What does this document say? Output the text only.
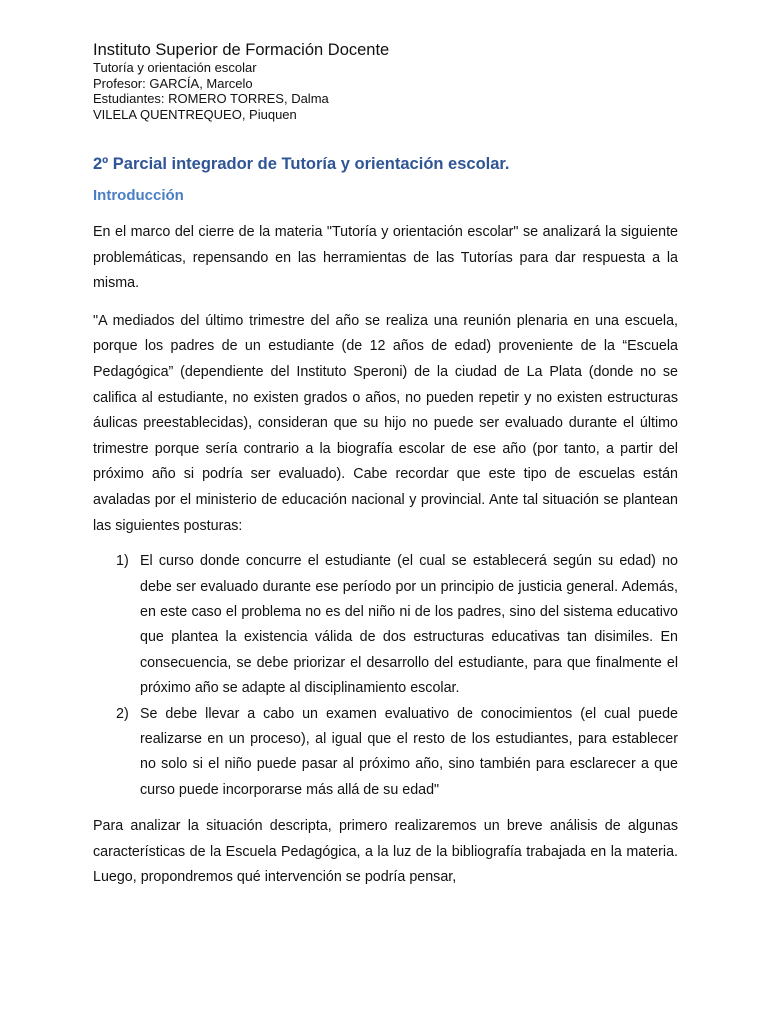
Instituto Superior de Formación Docente

Tutoría y orientación escolar

Profesor: GARCÍA, Marcelo

Estudiantes: ROMERO TORRES, Dalma

VILELA QUENTREQUEO, Piuquen

2º Parcial integrador de Tutoría y orientación escolar.
Introducción

En el marco del cierre de la materia "Tutoría y orientación escolar" se analizará la siguiente problemáticas, repensando en las herramientas de las Tutorías para dar respuesta a la misma.

"A mediados del último trimestre del año se realiza una reunión plenaria en una escuela, porque los padres de un estudiante (de 12 años de edad) proveniente de la “Escuela Pedagógica” (dependiente del Instituto Speroni) de la ciudad de La Plata (donde no se califica al estudiante, no existen grados o años, no pueden repetir y no existen estructuras áulicas preestablecidas), consideran que su hijo no puede ser evaluado durante el último trimestre porque sería contrario a la biografía escolar de ese año (por tanto, a partir del próximo año si podría ser evaluado). Cabe recordar que este tipo de escuelas están avaladas por el ministerio de educación nacional y provincial. Ante tal situación se plantean las siguientes posturas:

1) El curso donde concurre el estudiante (el cual se establecerá según su edad) no debe ser evaluado durante ese período por un principio de justicia general. Además, en este caso el problema no es del niño ni de los padres, sino del sistema educativo que plantea la existencia válida de dos estructuras educativas tan disimiles. En consecuencia, se debe priorizar el desarrollo del estudiante, para que finalmente el próximo año se adapte al disciplinamiento escolar.
2) Se debe llevar a cabo un examen evaluativo de conocimientos (el cual puede realizarse en un proceso), al igual que el resto de los estudiantes, para establecer no solo si el niño puede pasar al próximo año, sino también para esclarecer a que curso puede incorporarse más allá de su edad"

Para analizar la situación descripta, primero realizaremos un breve análisis de algunas características de la Escuela Pedagógica, a la luz de la bibliografía trabajada en la materia. Luego, propondremos qué intervención se podría pensar,
